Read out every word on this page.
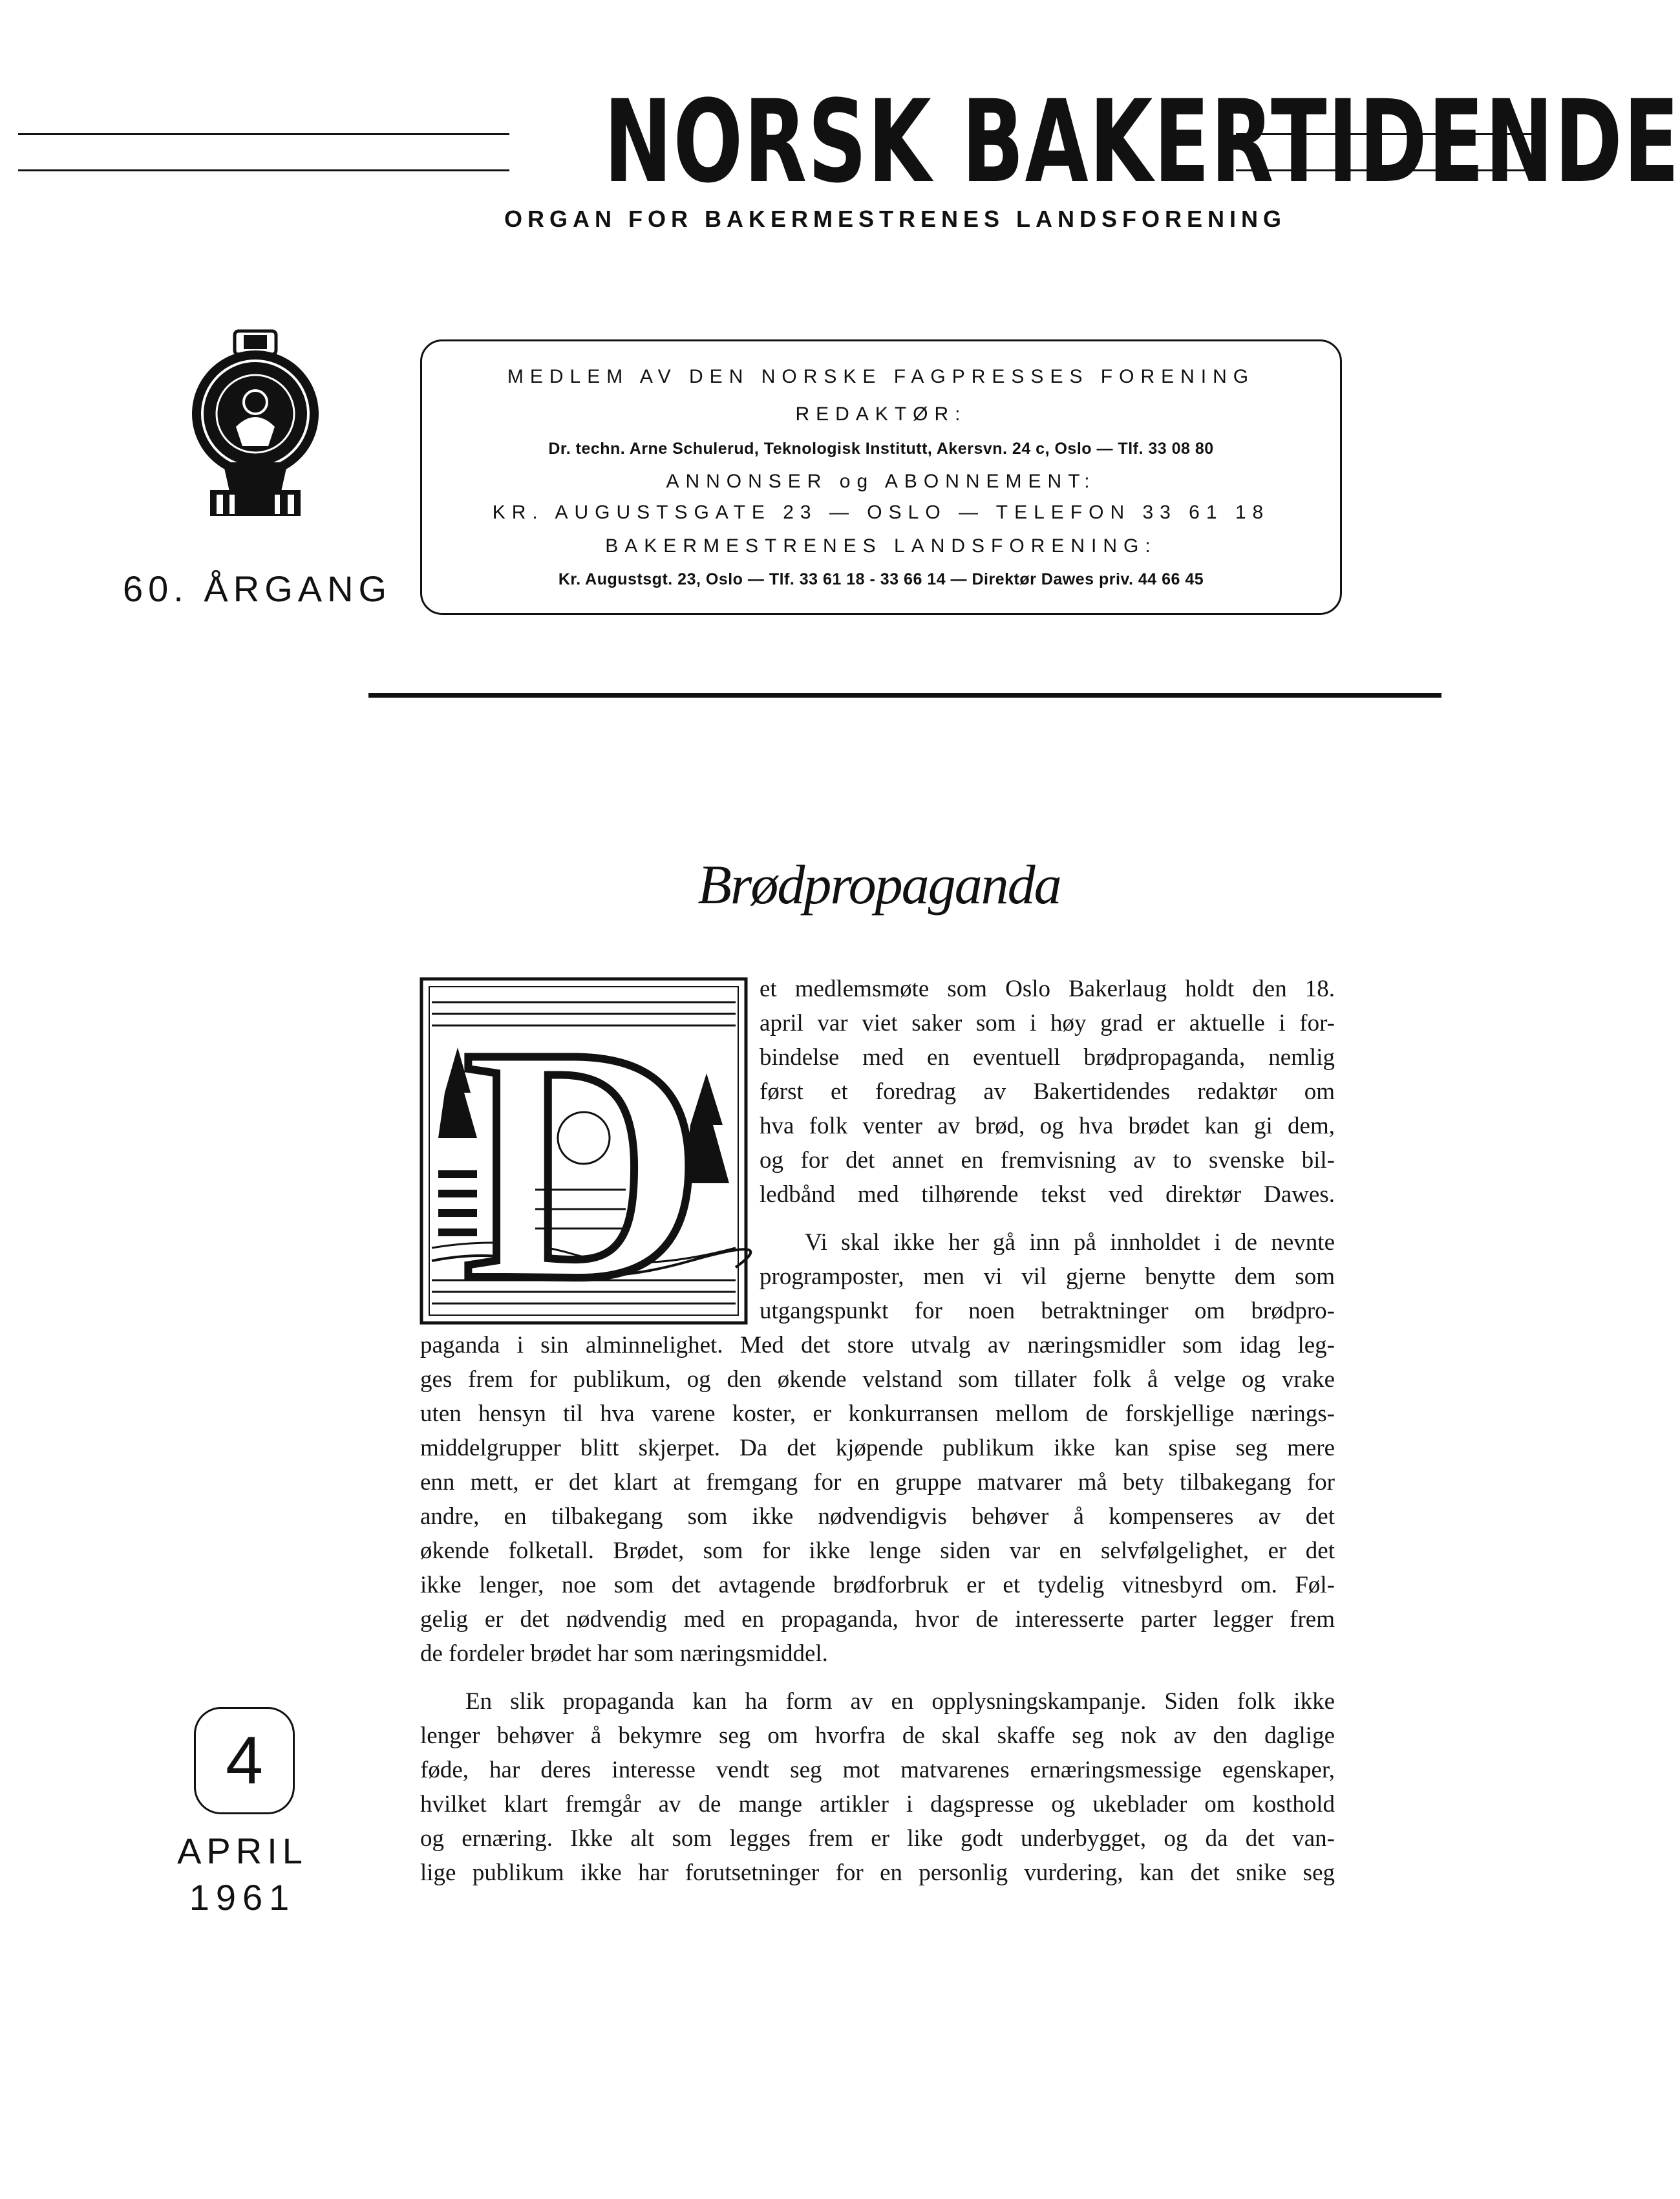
NORSK BAKERTIDENDE
ORGAN FOR BAKERMESTRENES LANDSFORENING
60. ÅRGANG
MEDLEM AV DEN NORSKE FAGPRESSES FORENING
REDAKTØR:
Dr. techn. Arne Schulerud, Teknologisk Institutt, Akersvn. 24 c, Oslo — Tlf. 33 08 80
ANNONSER og ABONNEMENT:
KR. AUGUSTSGATE 23 — OSLO — TELEFON 33 61 18
BAKERMESTRENES LANDSFORENING:
Kr. Augustsgt. 23, Oslo — Tlf. 33 61 18 - 33 66 14 — Direktør Dawes priv. 44 66 45
Brødpropaganda
D et medlemsmøte som Oslo Bakerlaug holdt den 18.
april var viet saker som i høy grad er aktuelle i for-
bindelse med en eventuell brødpropaganda, nemlig
først et foredrag av Bakertidendes redaktør om
hva folk venter av brød, og hva brødet kan gi dem,
og for det annet en fremvisning av to svenske bil-
ledbånd med tilhørende tekst ved direktør Dawes.
Vi skal ikke her gå inn på innholdet i de nevnte
programposter, men vi vil gjerne benytte dem som
utgangspunkt for noen betraktninger om brødpro-
paganda i sin alminnelighet. Med det store utvalg av næringsmidler som idag leg-
ges frem for publikum, og den økende velstand som tillater folk å velge og vrake
uten hensyn til hva varene koster, er konkurransen mellom de forskjellige nærings-
middelgrupper blitt skjerpet. Da det kjøpende publikum ikke kan spise seg mere
enn mett, er det klart at fremgang for en gruppe matvarer må bety tilbakegang for
andre, en tilbakegang som ikke nødvendigvis behøver å kompenseres av det
økende folketall. Brødet, som for ikke lenge siden var en selvfølgelighet, er det
ikke lenger, noe som det avtagende brødforbruk er et tydelig vitnesbyrd om. Føl-
gelig er det nødvendig med en propaganda, hvor de interesserte parter legger frem
de fordeler brødet har som næringsmiddel.
En slik propaganda kan ha form av en opplysningskampanje. Siden folk ikke
lenger behøver å bekymre seg om hvorfra de skal skaffe seg nok av den daglige
føde, har deres interesse vendt seg mot matvarenes ernæringsmessige egenskaper,
hvilket klart fremgår av de mange artikler i dagspresse og ukeblader om kosthold
og ernæring. Ikke alt som legges frem er like godt underbygget, og da det van-
lige publikum ikke har forutsetninger for en personlig vurdering, kan det snike seg
4
APRIL
1961
